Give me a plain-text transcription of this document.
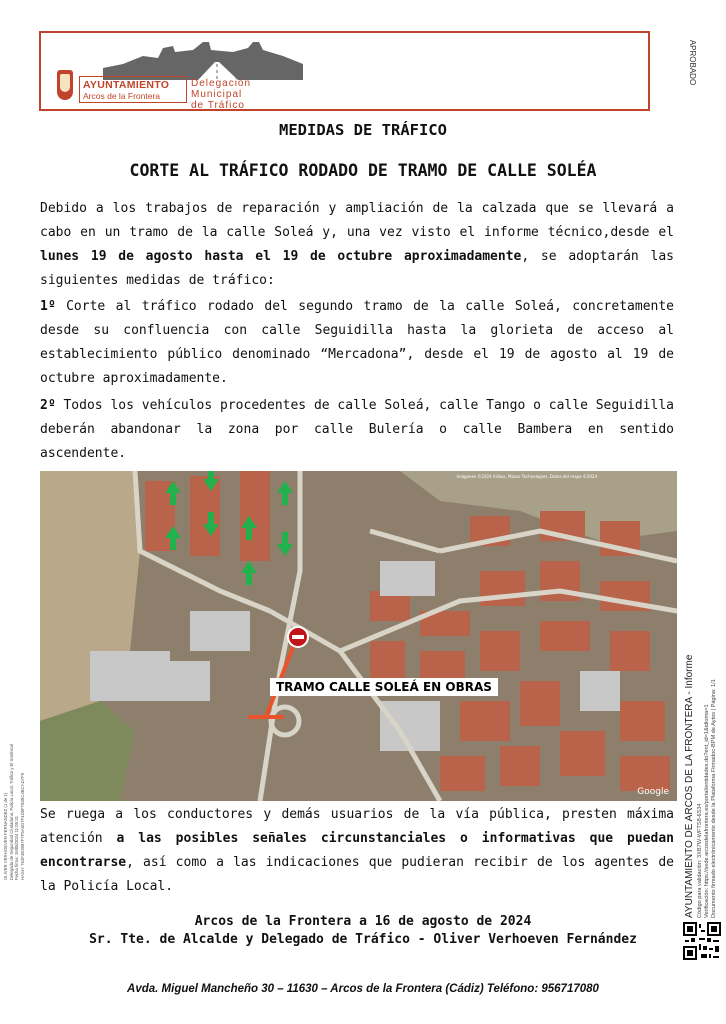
AYUNTAMIENTO
Arcos de la Frontera
Delegación Municipal
de Tráfico
APROBADO
MEDIDAS DE TRÁFICO
CORTE AL TRÁFICO RODADO DE TRAMO DE CALLE SOLÉA
Debido a los trabajos de reparación y ampliación de la calzada que se llevará a cabo en un tramo de la calle Soleá y, una vez visto el informe técnico,desde el lunes 19 de agosto hasta el 19 de octubre aproximadamente, se adoptarán las siguientes medidas de tráfico:
1º Corte al tráfico rodado del segundo tramo de la calle Soleá, concretamente desde su confluencia con calle Seguidilla hasta la glorieta de acceso al establecimiento público denominado “Mercadona”, desde el 19 de agosto al 19 de octubre aproximadamente.
2º Todos los vehículos procedentes de calle Soleá, calle Tango o calle Seguidilla deberán abandonar la zona por calle Bulería o calle Bambera en sentido ascendente.
Imágenes ©2024 Airbus, Maxar Technologies, Datos del mapa ©2024
TRAMO CALLE SOLEÁ EN OBRAS
Google
Se ruega a los conductores y demás usuarios de la vía pública, presten máxima atención a las posibles señales circunstanciales o informativas que puedan encontrarse, así como a las indicaciones que pudieran recibir de los agentes de la Policía Local.
Arcos de la Frontera a 16 de agosto de 2024
Sr. Tte. de Alcalde y Delegado de Tráfico - Oliver Verhoeven Fernández
Avda. Miguel Mancheño 30 – 11630 – Arcos de la Frontera (Cádiz) Teléfono: 956717080
OLIVER VERHOEVEN FERNANDEZ (1 de 1) Delegado de Seguridad Ciudadana, Policía Local, Tráfico y El Santiscal Fecha firma: 16/08/2024 11:05:31 HASH: 763F4E3987F7F5A6D7F4D0F7835C4BCAD7F9	AYUNTAMIENTO DE ARCOS DE LA FRONTERA - Informe Código para validación: 3XB7W-WFTS8-6S34 Verificación: https://sede.arcosdelafrontera.es/portal/entidades.do?ent_id=1&idioma=1 Documento firmado electrónicamente desde la Plataforma Firmadoc-BPM de Aytos | Página: 1/1
